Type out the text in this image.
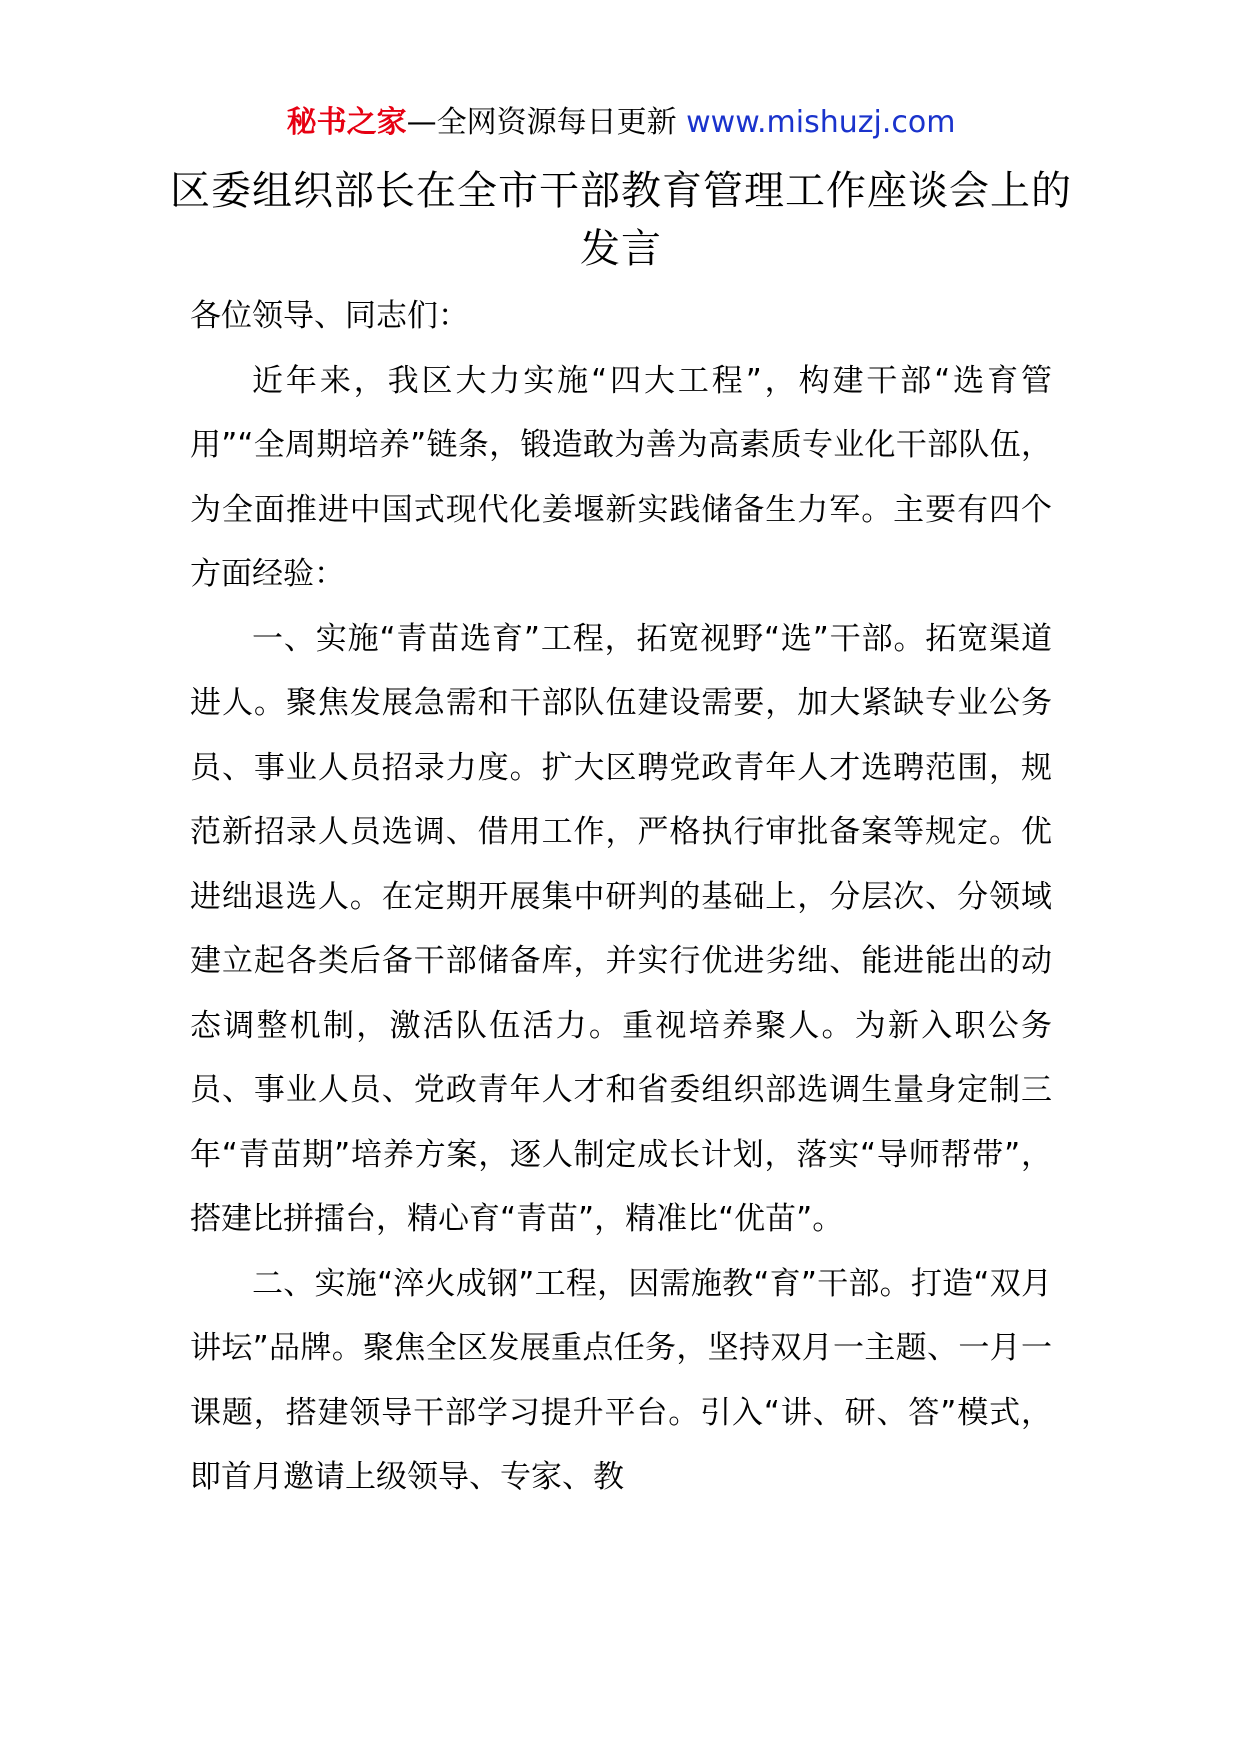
秘书之家—全网资源每日更新 www.mishuzj.com
区委组织部长在全市干部教育管理工作座谈会上的发言
各位领导、同志们：
近年来，我区大力实施“四大工程”，构建干部“选育管用”“全周期培养”链条，锻造敢为善为高素质专业化干部队伍，为全面推进中国式现代化姜堰新实践储备生力军。主要有四个方面经验：
一、实施“青苗选育”工程，拓宽视野“选”干部。拓宽渠道进人。聚焦发展急需和干部队伍建设需要，加大紧缺专业公务员、事业人员招录力度。扩大区聘党政青年人才选聘范围，规范新招录人员选调、借用工作，严格执行审批备案等规定。优进绌退选人。在定期开展集中研判的基础上，分层次、分领域建立起各类后备干部储备库，并实行优进劣绌、能进能出的动态调整机制，激活队伍活力。重视培养聚人。为新入职公务员、事业人员、党政青年人才和省委组织部选调生量身定制三年“青苗期”培养方案，逐人制定成长计划，落实“导师帮带”，搭建比拼擂台，精心育“青苗”，精准比“优苗”。
二、实施“淬火成钢”工程，因需施教“育”干部。打造“双月讲坛”品牌。聚焦全区发展重点任务，坚持双月一主题、一月一课题，搭建领导干部学习提升平台。引入“讲、研、答”模式，即首月邀请上级领导、专家、教
